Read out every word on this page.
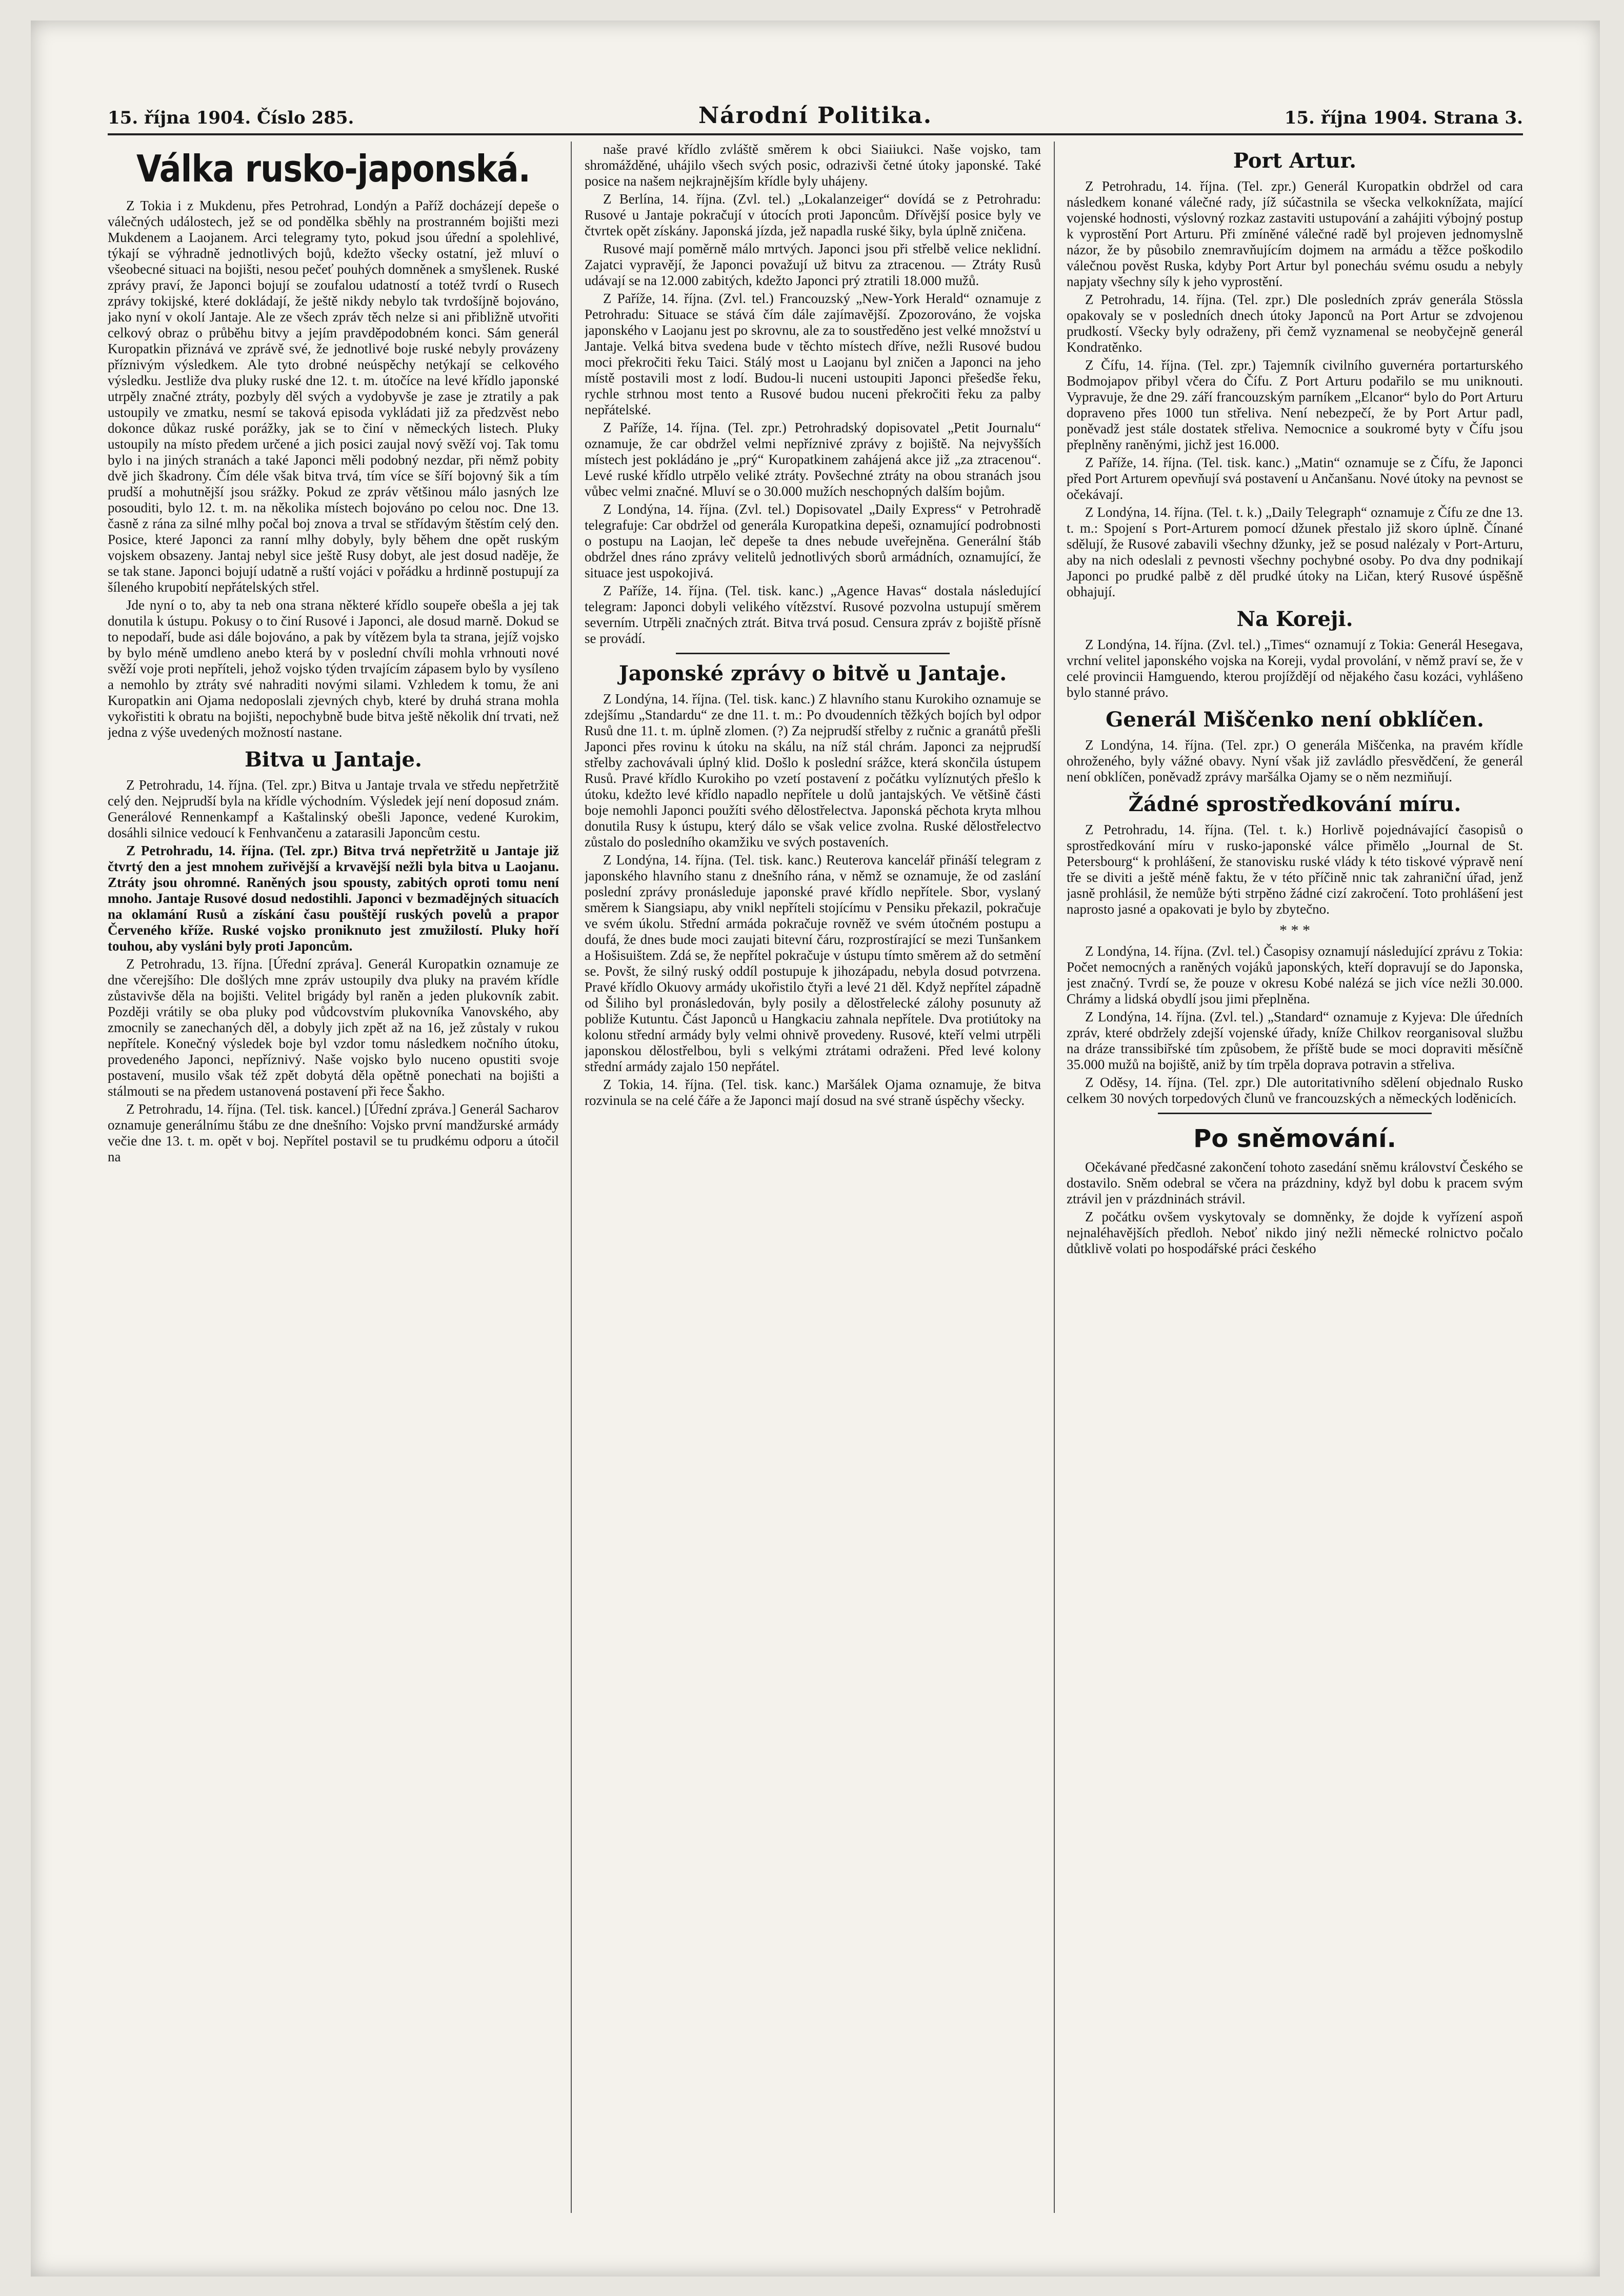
15. října 1904. Číslo 285.	Národní Politika.	15. října 1904. Strana 3.
Válka rusko-japonská.

Z Tokia i z Mukdenu, přes Petrohrad, Londýn a Paříž docházejí depeše o válečných událostech, jež se od pondělka sběhly na prostranném bojišti mezi Mukdenem a Laojanem. Arci telegramy tyto, pokud jsou úřední a spolehlivé, týkají se výhradně jednotlivých bojů, kdežto všecky ostatní, jež mluví o všeobecné situaci na bojišti, nesou pečeť pouhých domněnek a smyšlenek. Ruské zprávy praví, že Japonci bojují se zoufalou udatností a totéž tvrdí o Rusech zprávy tokijské, které dokládají, že ještě nikdy nebylo tak tvrdošíjně bojováno, jako nyní v okolí Jantaje. Ale ze všech zpráv těch nelze si ani přibližně utvořiti celkový obraz o průběhu bitvy a jejím pravděpodobném konci. Sám generál Kuropatkin přiznává ve zprávě své, že jednotlivé boje ruské nebyly provázeny příznivým výsledkem. Ale tyto drobné neúspěchy netýkají se celkového výsledku. Jestliže dva pluky ruské dne 12. t. m. útočíce na levé křídlo japonské utrpěly značné ztráty, pozbyly děl svých a vydobyvše je zase je ztratily a pak ustoupily ve zmatku, nesmí se taková episoda vykládati již za předzvěst nebo dokonce důkaz ruské porážky, jak se to činí v německých listech. Pluky ustoupily na místo předem určené a jich posici zaujal nový svěží voj. Tak tomu bylo i na jiných stranách a také Japonci měli podobný nezdar, při němž pobity dvě jich škadrony. Čím déle však bitva trvá, tím více se šíří bojovný šik a tím prudší a mohutnější jsou srážky. Pokud ze zpráv většinou málo jasných lze posouditi, bylo 12. t. m. na několika místech bojováno po celou noc. Dne 13. časně z rána za silné mlhy počal boj znova a trval se střídavým štěstím celý den. Posice, které Japonci za ranní mlhy dobyly, byly během dne opět ruským vojskem obsazeny. Jantaj nebyl sice ještě Rusy dobyt, ale jest dosud naděje, že se tak stane. Japonci bojují udatně a ruští vojáci v pořádku a hrdinně postupují za šíleného krupobití nepřátelských střel.

Jde nyní o to, aby ta neb ona strana některé křídlo soupeře obešla a jej tak donutila k ústupu. Pokusy o to činí Rusové i Japonci, ale dosud marně. Dokud se to nepodaří, bude asi dále bojováno, a pak by vítězem byla ta strana, jejíž vojsko by bylo méně umdleno anebo která by v poslední chvíli mohla vrhnouti nové svěží voje proti nepříteli, jehož vojsko týden trvajícím zápasem bylo by vysíleno a nemohlo by ztráty své nahraditi novými silami. Vzhledem k tomu, že ani Kuropatkin ani Ojama nedoposlali zjevných chyb, které by druhá strana mohla vykořistiti k obratu na bojišti, nepochybně bude bitva ještě několik dní trvati, než jedna z výše uvedených možností nastane.

Bitva u Jantaje.

Z Petrohradu, 14. října. (Tel. zpr.) Bitva u Jantaje trvala ve středu nepřetržitě celý den. Nejprudší byla na křídle východním. Výsledek její není doposud znám. Generálové Rennenkampf a Kaštalinský obešli Japonce, vedené Kurokim, dosáhli silnice vedoucí k Fenhvančenu a zatarasili Japoncům cestu.

Z Petrohradu, 14. října. (Tel. zpr.) Bitva trvá nepřetržitě u Jantaje již čtvrtý den a jest mnohem zuřivější a krvavější nežli byla bitva u Laojanu. Ztráty jsou ohromné. Raněných jsou spousty, zabitých oproti tomu není mnoho. Jantaje Rusové dosud nedostihli. Japonci v bezmadějných situacích na oklamání Rusů a získání času pouštějí ruských povelů a prapor Červeného kříže. Ruské vojsko proniknuto jest zmužilostí. Pluky hoří touhou, aby vysláni byly proti Japoncům.

Z Petrohradu, 13. října. [Úřední zpráva]. Generál Kuropatkin oznamuje ze dne včerejšího: Dle došlých mne zpráv ustoupily dva pluky na pravém křídle zůstavivše děla na bojišti. Velitel brigády byl raněn a jeden plukovník zabit. Později vrátily se oba pluky pod vůdcovstvím plukovníka Vanovského, aby zmocnily se zanechaných děl, a dobyly jich zpět až na 16, jež zůstaly v rukou nepřítele. Konečný výsledek boje byl vzdor tomu následkem nočního útoku, provedeného Japonci, nepříznivý. Naše vojsko bylo nuceno opustiti svoje postavení, musilo však též zpět dobytá děla opětně ponechati na bojišti a stálmouti se na předem ustanovená postavení při řece Šakho.

Z Petrohradu, 14. října. (Tel. tisk. kancel.) [Úřední zpráva.] Generál Sacharov oznamuje generálnímu štábu ze dne dnešního: Vojsko první mandžurské armády večie dne 13. t. m. opět v boj. Nepřítel postavil se tu prudkému odporu a útočil na

naše pravé křídlo zvláště směrem k obci Siaiiukci. Naše vojsko, tam shromážděné, uhájilo všech svých posic, odrazivši četné útoky japonské. Také posice na našem nejkrajnějším křídle byly uhájeny.

Z Berlína, 14. října. (Zvl. tel.) „Lokalanzeiger“ dovídá se z Petrohradu: Rusové u Jantaje pokračují v útocích proti Japoncům. Dřívější posice byly ve čtvrtek opět získány. Japonská jízda, jež napadla ruské šiky, byla úplně zničena.

Rusové mají poměrně málo mrtvých. Japonci jsou při střelbě velice neklidní. Zajatci vypravějí, že Japonci považují už bitvu za ztracenou. — Ztráty Rusů udávají se na 12.000 zabitých, kdežto Japonci prý ztratili 18.000 mužů.

Z Paříže, 14. října. (Zvl. tel.) Francouzský „New-York Herald“ oznamuje z Petrohradu: Situace se stává čím dále zajímavější. Zpozorováno, že vojska japonského v Laojanu jest po skrovnu, ale za to soustředěno jest velké množství u Jantaje. Velká bitva svedena bude v těchto místech dříve, nežli Rusové budou moci překročiti řeku Taici. Stálý most u Laojanu byl zničen a Japonci na jeho místě postavili most z lodí. Budou-li nuceni ustoupiti Japonci přešedše řeku, rychle strhnou most tento a Rusové budou nuceni překročiti řeku za palby nepřátelské.

Z Paříže, 14. října. (Tel. zpr.) Petrohradský dopisovatel „Petit Journalu“ oznamuje, že car obdržel velmi nepříznivé zprávy z bojiště. Na nejvyšších místech jest pokládáno je „prý“ Kuropatkinem zahájená akce již „za ztracenou“. Levé ruské křídlo utrpělo veliké ztráty. Povšechné ztráty na obou stranách jsou vůbec velmi značné. Mluví se o 30.000 mužích neschopných dalším bojům.

Z Londýna, 14. října. (Zvl. tel.) Dopisovatel „Daily Express“ v Petrohradě telegrafuje: Car obdržel od generála Kuropatkina depeši, oznamující podrobnosti o postupu na Laojan, leč depeše ta dnes nebude uveřejněna. Generální štáb obdržel dnes ráno zprávy velitelů jednotlivých sborů armádních, oznamující, že situace jest uspokojivá.

Z Paříže, 14. října. (Tel. tisk. kanc.) „Agence Havas“ dostala následující telegram: Japonci dobyli velikého vítězství. Rusové pozvolna ustupují směrem severním. Utrpěli značných ztrát. Bitva trvá posud. Censura zpráv z bojiště přísně se provádí.

Japonské zprávy o bitvě u Jantaje.

Z Londýna, 14. října. (Tel. tisk. kanc.) Z hlavního stanu Kurokiho oznamuje se zdejšímu „Standardu“ ze dne 11. t. m.: Po dvoudenních těžkých bojích byl odpor Rusů dne 11. t. m. úplně zlomen. (?) Za nejprudší střelby z ručnic a granátů přešli Japonci přes rovinu k útoku na skálu, na níž stál chrám. Japonci za nejprudší střelby zachovávali úplný klid. Došlo k poslední srážce, která skončila ústupem Rusů. Pravé křídlo Kurokiho po vzetí postavení z počátku vylíznutých přešlo k útoku, kdežto levé křídlo napadlo nepřítele u dolů jantajských. Ve většině části boje nemohli Japonci použíti svého dělostřelectva. Japonská pěchota kryta mlhou donutila Rusy k ústupu, který dálo se však velice zvolna. Ruské dělostřelectvo zůstalo do posledního okamžiku ve svých postaveních.

Z Londýna, 14. října. (Tel. tisk. kanc.) Reuterova kancelář přináší telegram z japonského hlavního stanu z dnešního rána, v němž se oznamuje, že od zaslání poslední zprávy pronásleduje japonské pravé křídlo nepřítele. Sbor, vyslaný směrem k Siangsiapu, aby vnikl nepříteli stojícímu v Pensiku překazil, pokračuje ve svém úkolu. Střední armáda pokračuje rovněž ve svém útočném postupu a doufá, že dnes bude moci zaujati bitevní čáru, rozprostírající se mezi Tunšankem a Hošisuištem. Zdá se, že nepřítel pokračuje v ústupu tímto směrem až do setmění se. Povšt, že silný ruský oddíl postupuje k jihozápadu, nebyla dosud potvrzena. Pravé křídlo Okuovy armády ukořistilo čtyři a levé 21 děl. Když nepřítel západně od Šiliho byl pronásledován, byly posily a dělostřelecké zálohy posunuty až pobliže Kutuntu. Část Japonců u Hangkaciu zahnala nepřítele. Dva protiútoky na kolonu střední armády byly velmi ohnivě provedeny. Rusové, kteří velmi utrpěli japonskou dělostřelbou, byli s velkými ztrátami odraženi. Před levé kolony střední armády zajalo 150 nepřátel.

Z Tokia, 14. října. (Tel. tisk. kanc.) Maršálek Ojama oznamuje, že bitva rozvinula se na celé čáře a že Japonci mají dosud na své straně úspěchy všecky.

Port Artur.

Z Petrohradu, 14. října. (Tel. zpr.) Generál Kuropatkin obdržel od cara následkem konané válečné rady, jíž súčastnila se všecka velkoknížata, mající vojenské hodnosti, výslovný rozkaz zastaviti ustupování a zahájiti výbojný postup k vyprostění Port Arturu. Při zmíněné válečné radě byl projeven jednomyslně názor, že by působilo znemravňujícím dojmem na armádu a těžce poškodilo válečnou pověst Ruska, kdyby Port Artur byl ponecháu svému osudu a nebyly napjaty všechny síly k jeho vyprostění.

Z Petrohradu, 14. října. (Tel. zpr.) Dle posledních zpráv generála Stössla opakovaly se v posledních dnech útoky Japonců na Port Artur se zdvojenou prudkostí. Všecky byly odraženy, při čemž vyznamenal se neobyčejně generál Kondratěnko.

Z Čífu, 14. října. (Tel. zpr.) Tajemník civilního guvernéra portarturského Bodmojapov přibyl včera do Čífu. Z Port Arturu podařilo se mu uniknouti. Vypravuje, že dne 29. září francouzským parníkem „Elcanor“ bylo do Port Arturu dopraveno přes 1000 tun střeliva. Není nebezpečí, že by Port Artur padl, poněvadž jest stále dostatek střeliva. Nemocnice a soukromé byty v Čífu jsou přeplněny raněnými, jichž jest 16.000.

Z Paříže, 14. října. (Tel. tisk. kanc.) „Matin“ oznamuje se z Čífu, že Japonci před Port Arturem opevňují svá postavení u Ančanšanu. Nové útoky na pevnost se očekávají.

Z Londýna, 14. října. (Tel. t. k.) „Daily Telegraph“ oznamuje z Čífu ze dne 13. t. m.: Spojení s Port-Arturem pomocí džunek přestalo již skoro úplně. Čínané sdělují, že Rusové zabavili všechny džunky, jež se posud nalézaly v Port-Arturu, aby na nich odeslali z pevnosti všechny pochybné osoby. Po dva dny podnikají Japonci po prudké palbě z děl prudké útoky na Ličan, který Rusové úspěšně obhajují.

Na Koreji.

Z Londýna, 14. října. (Zvl. tel.) „Times“ oznamují z Tokia: Generál Hesegava, vrchní velitel japonského vojska na Koreji, vydal provolání, v němž praví se, že v celé provincii Hamguendo, kterou projíždějí od nějakého času kozáci, vyhlášeno bylo stanné právo.

Generál Miščenko není obklíčen.

Z Londýna, 14. října. (Tel. zpr.) O generála Miščenka, na pravém křídle ohroženého, byly vážné obavy. Nyní však již zavládlo přesvědčení, že generál není obklíčen, poněvadž zprávy maršálka Ojamy se o něm nezmiňují.

Žádné sprostředkování míru.

Z Petrohradu, 14. října. (Tel. t. k.) Horlivě pojednávající časopisů o sprostředkování míru v rusko-japonské válce přimělo „Journal de St. Petersbourg“ k prohlášení, že stanovisku ruské vlády k této tiskové výpravě není tře se diviti a ještě méně faktu, že v této příčině nnic tak zahraniční úřad, jenž jasně prohlásil, že nemůže býti strpěno žádné cizí zakročení. Toto prohlášení jest naprosto jasné a opakovati je bylo by zbytečno.

* * *

Z Londýna, 14. října. (Zvl. tel.) Časopisy oznamují následující zprávu z Tokia: Počet nemocných a raněných vojáků japonských, kteří dopravují se do Japonska, jest značný. Tvrdí se, že pouze v okresu Kobé nalézá se jich více nežli 30.000. Chrámy a lidská obydlí jsou jimi přeplněna.

Z Londýna, 14. října. (Zvl. tel.) „Standard“ oznamuje z Kyjeva: Dle úředních zpráv, které obdržely zdejší vojenské úřady, kníže Chilkov reorganisoval službu na dráze transsibiřské tím způsobem, že příště bude se moci dopraviti měsíčně 35.000 mužů na bojiště, aniž by tím trpěla doprava potravin a střeliva.

Z Oděsy, 14. října. (Tel. zpr.) Dle autoritativního sdělení objednalo Rusko celkem 30 nových torpedových člunů ve francouzských a německých loděnicích.

Po sněmování.

Očekávané předčasné zakončení tohoto zasedání sněmu království Českého se dostavilo. Sněm odebral se včera na prázdniny, když byl dobu k pracem svým ztrávil jen v prázdninách strávil.

Z počátku ovšem vyskytovaly se domněnky, že dojde k vyřízení aspoň nejnaléhavějších předloh. Neboť nikdo jiný nežli německé rolnictvo počalo důtklivě volati po hospodářské práci českého
